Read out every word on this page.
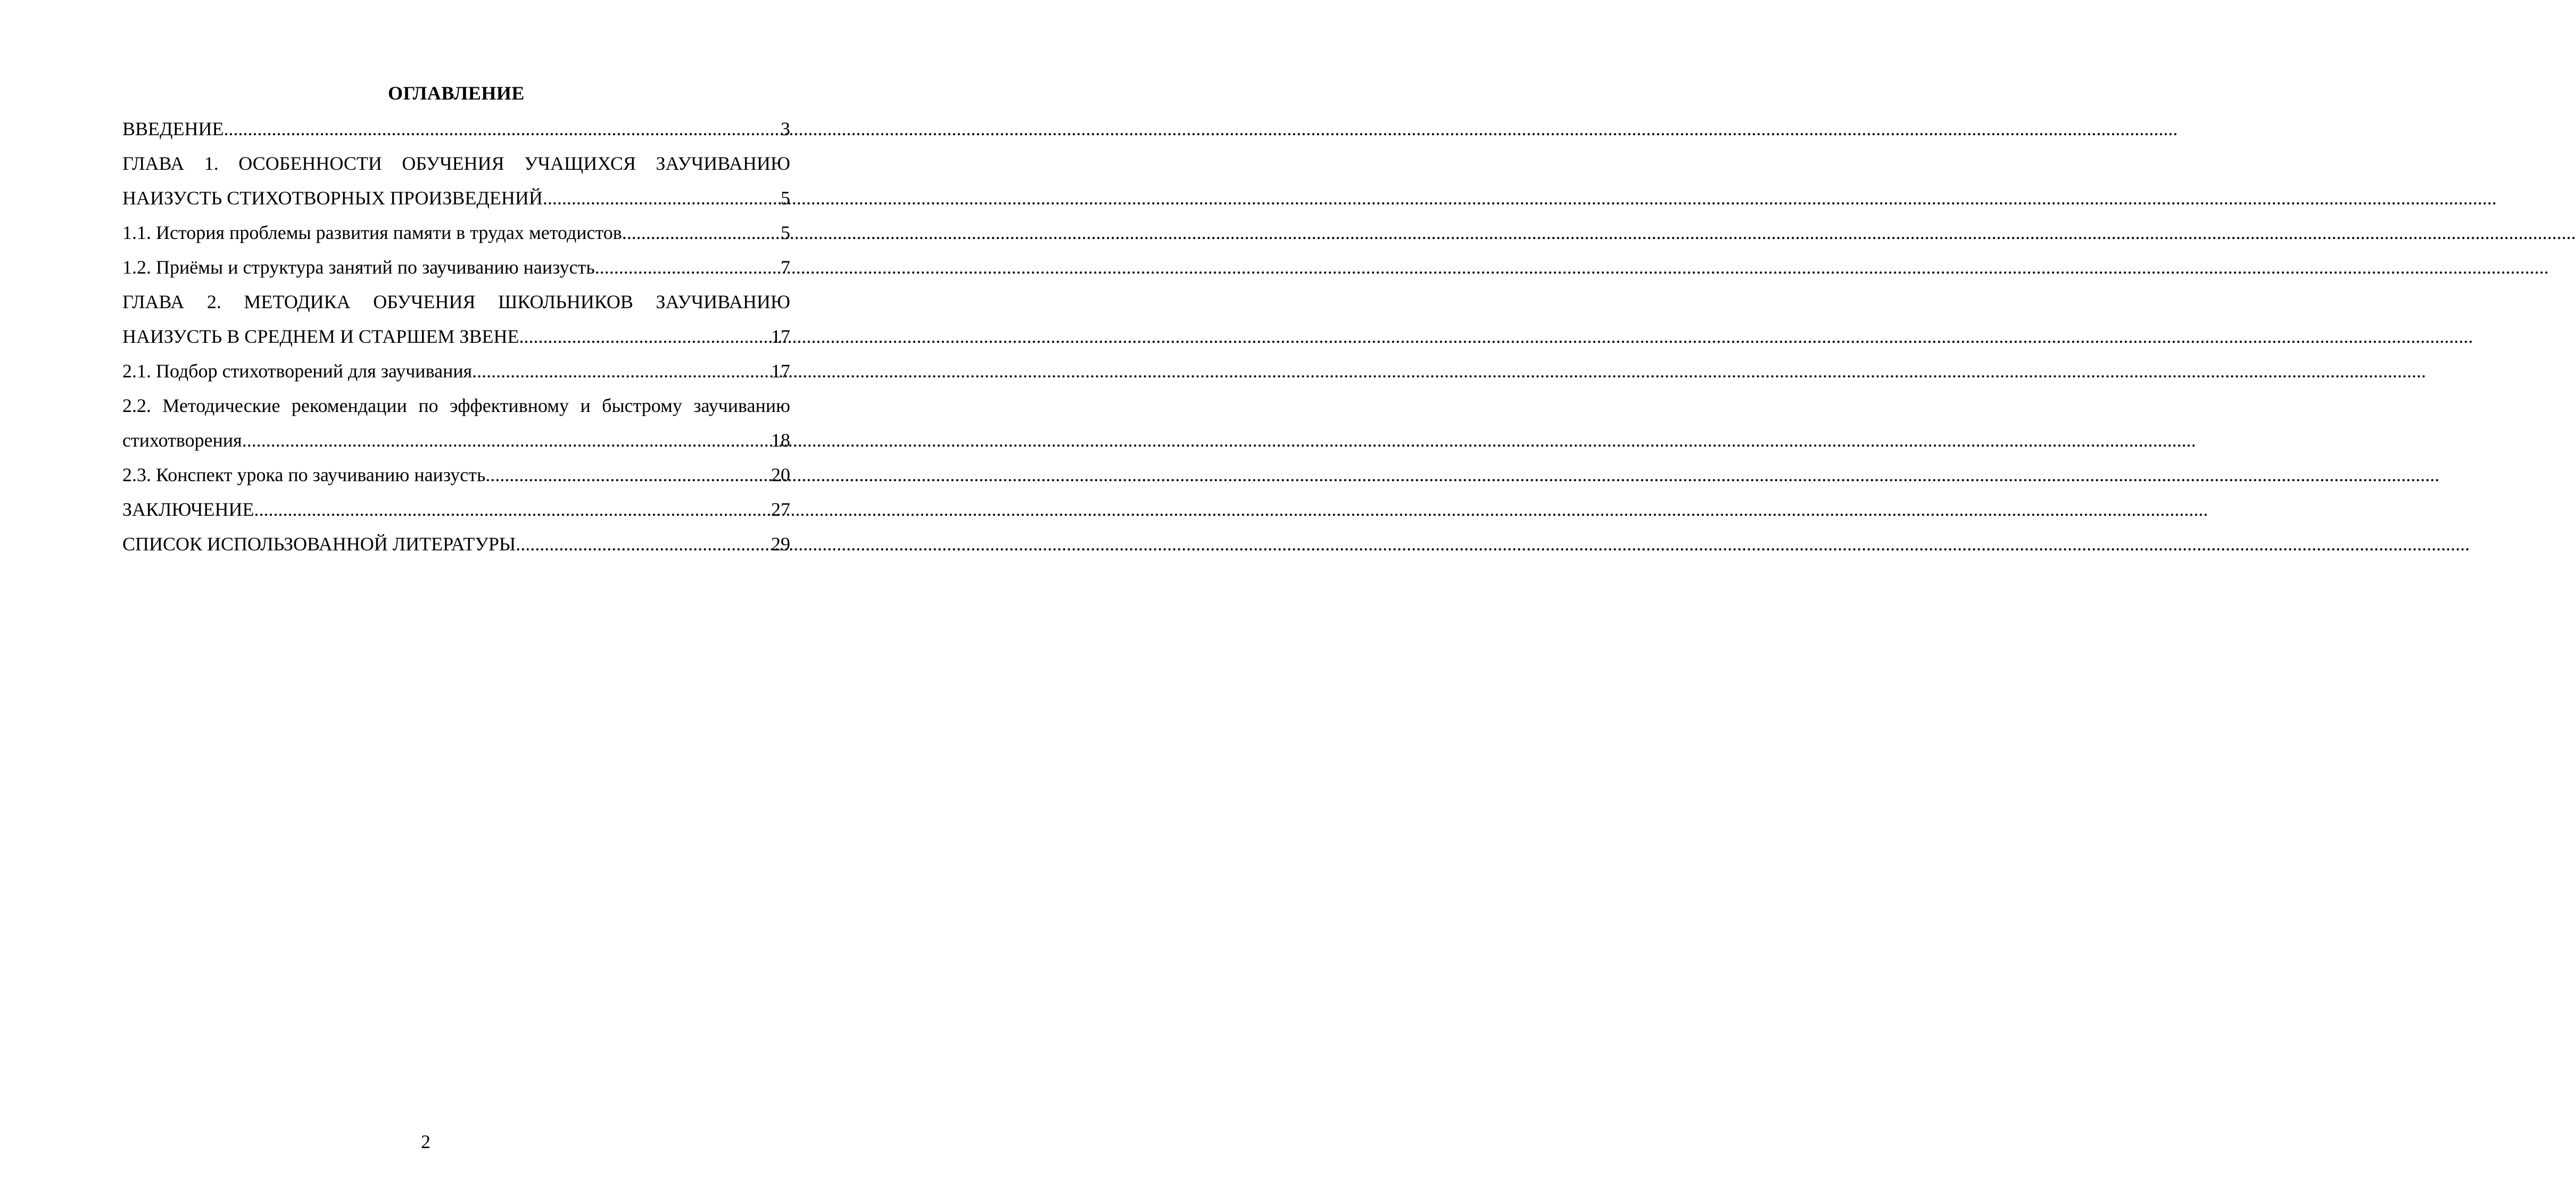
ОГЛАВЛЕНИЕ
ВВЕДЕНИЕ .....	3
ГЛАВА 1. ОСОБЕННОСТИ ОБУЧЕНИЯ УЧАЩИХСЯ ЗАУЧИВАНИЮ
НАИЗУСТЬ СТИХОТВОРНЫХ ПРОИЗВЕДЕНИЙ .....	5
1.1. История проблемы развития памяти в трудах методистов .....	5
1.2. Приёмы и структура занятий по заучиванию наизусть .....	7
ГЛАВА 2. МЕТОДИКА ОБУЧЕНИЯ ШКОЛЬНИКОВ ЗАУЧИВАНИЮ
НАИЗУСТЬ В СРЕДНЕМ И СТАРШЕМ ЗВЕНЕ .....	17
2.1. Подбор стихотворений для заучивания .....	17
2.2. Методические рекомендации по эффективному и быстрому заучиванию
стихотворения .....	18
2.3. Конспект урока по заучиванию наизусть .....	20
ЗАКЛЮЧЕНИЕ .....	27
СПИСОК ИСПОЛЬЗОВАННОЙ ЛИТЕРАТУРЫ .....	29
2
